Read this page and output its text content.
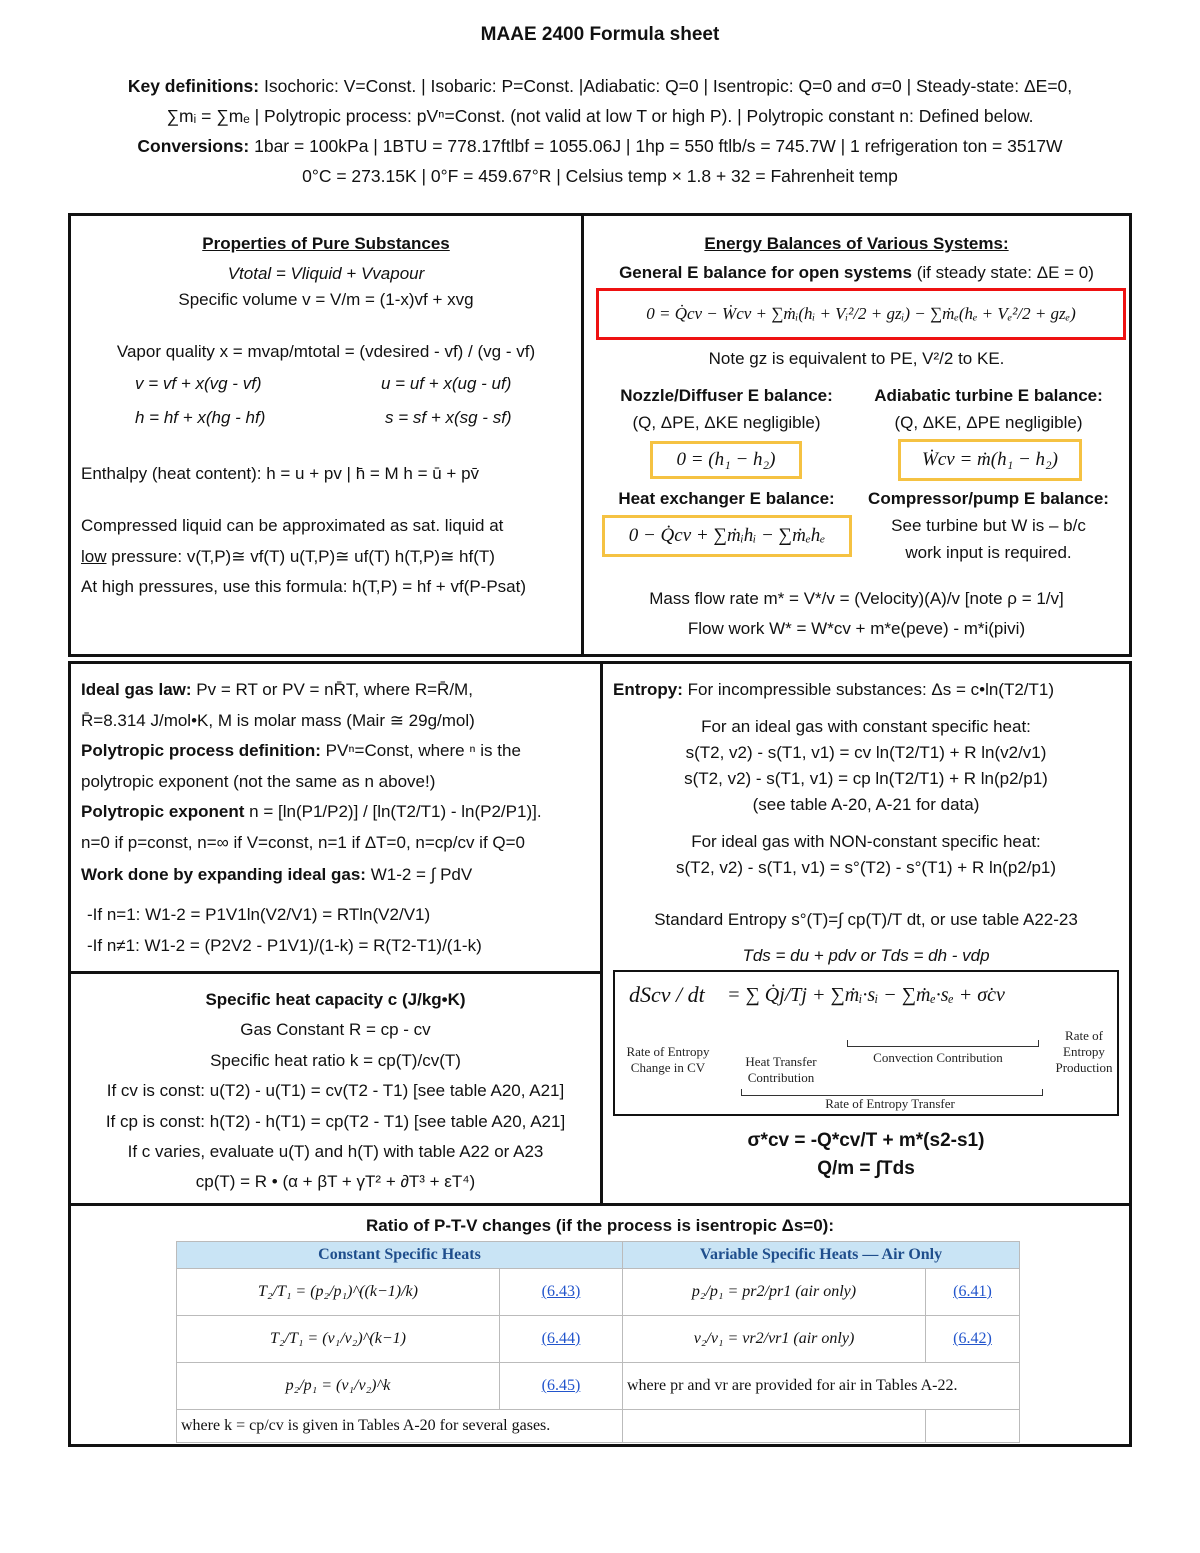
MAAE 2400 Formula sheet
Key definitions: Isochoric: V=Const. | Isobaric: P=Const. |Adiabatic: Q=0 | Isentropic: Q=0 and σ=0 | Steady-state: ΔE=0,
∑mᵢ = ∑mₑ | Polytropic process: pVⁿ=Const. (not valid at low T or high P). | Polytropic constant n: Defined below.
Conversions: 1bar = 100kPa | 1BTU = 778.17ftlbf = 1055.06J | 1hp = 550 ftlb/s = 745.7W | 1 refrigeration ton = 3517W
0°C = 273.15K | 0°F = 459.67°R | Celsius temp × 1.8 + 32 = Fahrenheit temp
Properties of Pure Substances
Vtotal = Vliquid + Vvapour
Specific volume v = V/m = (1-x)vf + xvg
Vapor quality x = mvap/mtotal = (vdesired - vf) / (vg - vf)
v = vf + x(vg - vf)	u = uf + x(ug - uf)
h = hf + x(hg - hf)	s = sf + x(sg - sf)
Enthalpy (heat content): h = u + pv | h̄ = M h = ū + pv̄
Compressed liquid can be approximated as sat. liquid at
low pressure: v(T,P)≅ vf(T) u(T,P)≅ uf(T) h(T,P)≅ hf(T)
At high pressures, use this formula: h(T,P) = hf + vf(P-Psat)
Energy Balances of Various Systems:
General E balance for open systems (if steady state: ΔE = 0)
0 = Q̇cv − Ẇcv + ∑ṁᵢ(hᵢ + Vᵢ²/2 + gzᵢ) − ∑ṁₑ(hₑ + Vₑ²/2 + gzₑ)
Note gz is equivalent to PE, V²/2 to KE.
Nozzle/Diffuser E balance:
(Q, ΔPE, ΔKE negligible)
0 = (h₁ − h₂)
Adiabatic turbine E balance:
(Q, ΔKE, ΔPE negligible)
Ẇcv = ṁ(h₁ − h₂)
Heat exchanger E balance:
0 − Q̇cv + ∑ṁᵢhᵢ − ∑ṁₑhₑ
Compressor/pump E balance:
See turbine but W is – b/c
work input is required.
Mass flow rate m* = V*/v = (Velocity)(A)/v [note ρ = 1/v]
Flow work W* = W*cv + m*e(peve) - m*i(pivi)
Ideal gas law: Pv = RT or PV = nR̄T, where R=R̄/M,
R̄=8.314 J/mol•K, M is molar mass (Mair ≅ 29g/mol)
Polytropic process definition: PVⁿ=Const, where ⁿ is the
polytropic exponent (not the same as n above!)
Polytropic exponent n = [ln(P1/P2)] / [ln(T2/T1) - ln(P2/P1)].
n=0 if p=const, n=∞ if V=const, n=1 if ΔT=0, n=cp/cv if Q=0
Work done by expanding ideal gas: W1-2 = ∫ PdV
-If n=1: W1-2 = P1V1ln(V2/V1) = RTln(V2/V1)
-If n≠1: W1-2 = (P2V2 - P1V1)/(1-k) = R(T2-T1)/(1-k)
Entropy: For incompressible substances: Δs = c•ln(T2/T1)
For an ideal gas with constant specific heat:
s(T2, v2) - s(T1, v1) = cv ln(T2/T1) + R ln(v2/v1)
s(T2, v2) - s(T1, v1) = cp ln(T2/T1) + R ln(p2/p1)
(see table A-20, A-21 for data)
For ideal gas with NON-constant specific heat:
s(T2, v2) - s(T1, v1) = s°(T2) - s°(T1) + R ln(p2/p1)
Standard Entropy s°(T)=∫ cp(T)/T dt, or use table A22-23
Tds = du + pdv or Tds = dh - vdp
dScv / dt = ∑ Q̇j/Tj + ∑ṁᵢ·sᵢ − ∑ṁₑ·sₑ + σ̇cv
Rate of Entropy Change in CV	Heat Transfer Contribution
Convection Contribution
Rate of Entropy Production
Rate of Entropy Transfer
σ*cv = -Q*cv/T + m*(s2-s1)
Q/m = ∫Tds
Specific heat capacity c (J/kg•K)
Gas Constant R = cp - cv
Specific heat ratio k = cp(T)/cv(T)
If cv is const: u(T2) - u(T1) = cv(T2 - T1) [see table A20, A21]
If cp is const: h(T2) - h(T1) = cp(T2 - T1) [see table A20, A21]
If c varies, evaluate u(T) and h(T) with table A22 or A23
cp(T) = R • (α + βT + γT² + ∂T³ + εT⁴)
Ratio of P-T-V changes (if the process is isentropic Δs=0):
Constant Specific Heats		Variable Specific Heats — Air Only	
T₂/T₁ = (p₂/p₁)^((k−1)/k)	(6.43)	p₂/p₁ = pr2/pr1 (air only)	(6.41)
T₂/T₁ = (v₁/v₂)^(k−1)	(6.44)	v₂/v₁ = vr2/vr1 (air only)	(6.42)
p₂/p₁ = (v₁/v₂)^k	(6.45)	where pr and vr are provided for air in Tables A-22.	
where k = cp/cv is given in Tables A-20 for several gases.			
